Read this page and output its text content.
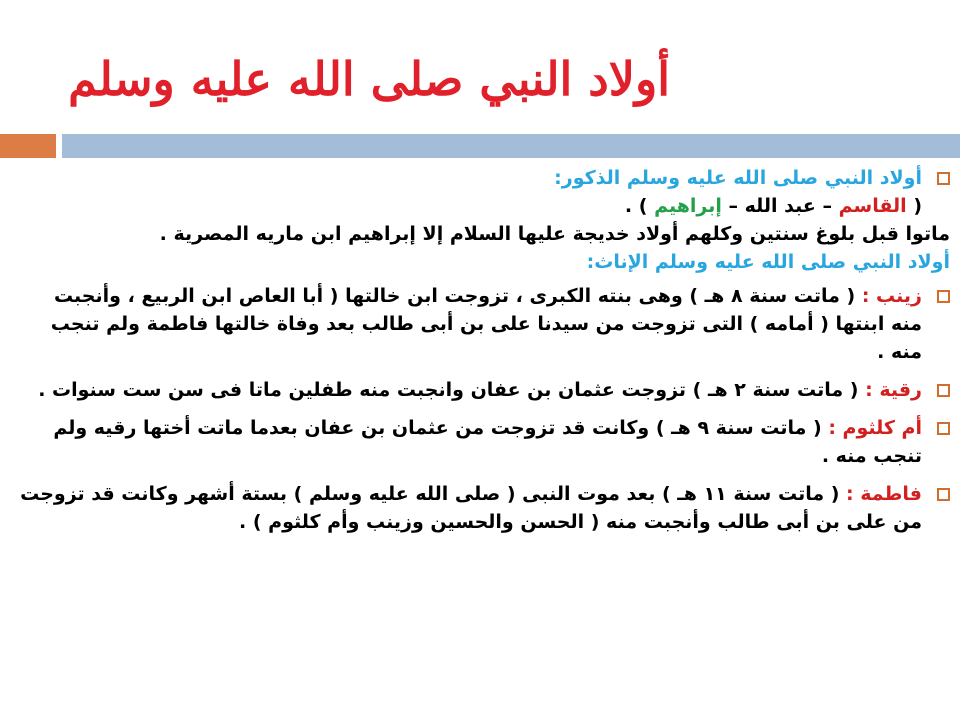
أولاد النبي صلى الله عليه وسلم
أولاد النبي صلى الله عليه وسلم الذكور:
( القاسم – عبد الله – إبراهيم ) .
ماتوا قبل بلوغ سنتين وكلهم أولاد خديجة عليها السلام إلا إبراهيم ابن ماريه المصرية .
أولاد النبي صلى الله عليه وسلم الإناث:
زينب : ( ماتت سنة ٨ هـ ) وهى بنته الكبرى ، تزوجت ابن خالتها ( أبا العاص ابن الربيع ، وأنجبت منه ابنتها ( أمامه ) التى تزوجت من سيدنا على بن أبى طالب بعد وفاة خالتها فاطمة ولم تنجب منه .
رقية : ( ماتت سنة ٢ هـ ) تزوجت عثمان بن عفان وانجبت منه طفلين ماتا فى سن ست سنوات .
أم كلثوم : ( ماتت سنة ٩ هـ ) وكانت قد تزوجت من عثمان بن عفان بعدما ماتت أختها رقيه ولم تنجب منه .
فاطمة : ( ماتت سنة ١١ هـ ) بعد موت النبى ( صلى الله عليه وسلم ) بستة أشهر وكانت قد تزوجت من على بن أبى طالب وأنجبت منه ( الحسن والحسين وزينب وأم كلثوم ) .
